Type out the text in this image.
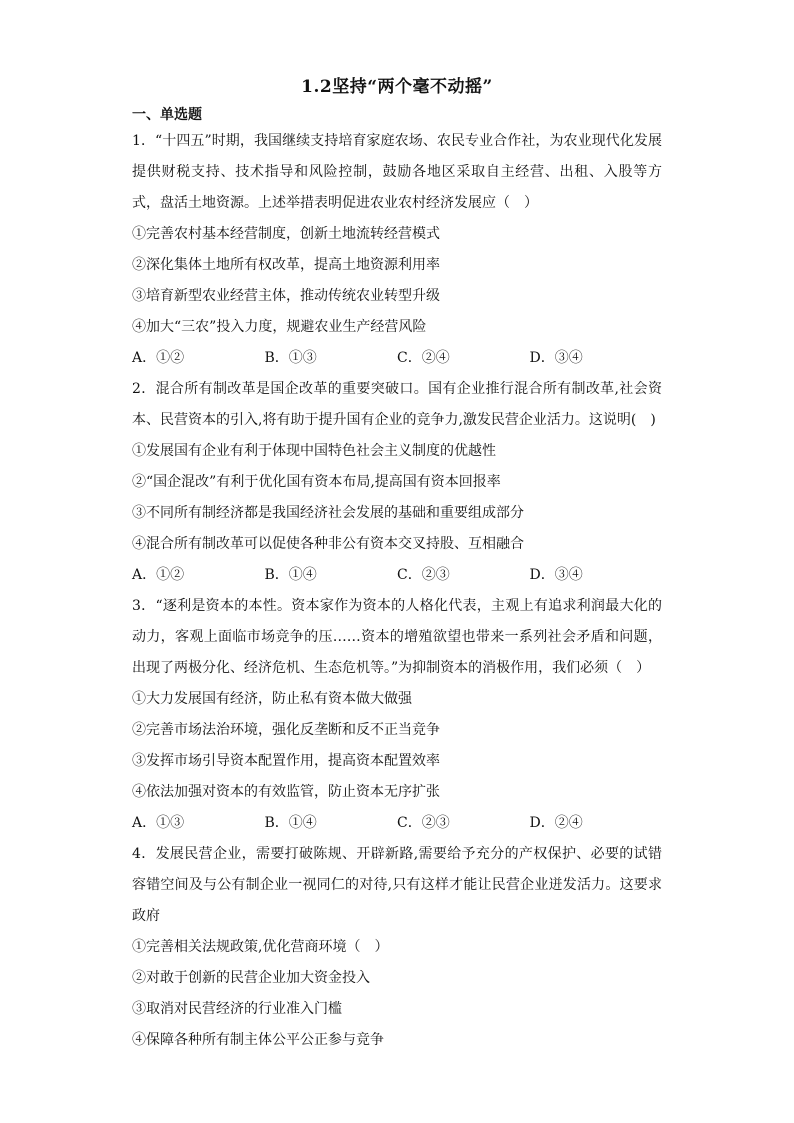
1.2坚持“两个毫不动摇”
一、单选题

1．“十四五”时期，我国继续支持培育家庭农场、农民专业合作社，为农业现代化发展提供财税支持、技术指导和风险控制，鼓励各地区采取自主经营、出租、入股等方式，盘活土地资源。上述举措表明促进农业农村经济发展应（　）

①完善农村基本经营制度，创新土地流转经营模式

②深化集体土地所有权改革，提高土地资源利用率

③培育新型农业经营主体，推动传统农业转型升级

④加大“三农”投入力度，规避农业生产经营风险

A．①②	B．①③	C．②④	D．③④

2．混合所有制改革是国企改革的重要突破口。国有企业推行混合所有制改革,社会资本、民营资本的引入,将有助于提升国有企业的竞争力,激发民营企业活力。这说明(　)

①发展国有企业有利于体现中国特色社会主义制度的优越性

②“国企混改”有利于优化国有资本布局,提高国有资本回报率

③不同所有制经济都是我国经济社会发展的基础和重要组成部分

④混合所有制改革可以促使各种非公有资本交叉持股、互相融合

A．①②	B．①④	C．②③	D．③④

3．“逐利是资本的本性。资本家作为资本的人格化代表，主观上有追求利润最大化的动力，客观上面临市场竞争的压……资本的增殖欲望也带来一系列社会矛盾和问题，出现了两极分化、经济危机、生态危机等。”为抑制资本的消极作用，我们必须（　）

①大力发展国有经济，防止私有资本做大做强

②完善市场法治环境，强化反垄断和反不正当竞争

③发挥市场引导资本配置作用，提高资本配置效率

④依法加强对资本的有效监管，防止资本无序扩张

A．①③	B．①④	C．②③	D．②④

4．发展民营企业，需要打破陈规、开辟新路,需要给予充分的产权保护、必要的试错容错空间及与公有制企业一视同仁的对待,只有这样才能让民营企业迸发活力。这要求政府

①完善相关法规政策,优化营商环境（　）

②对敢于创新的民营企业加大资金投入

③取消对民营经济的行业准入门槛

④保障各种所有制主体公平公正参与竞争
